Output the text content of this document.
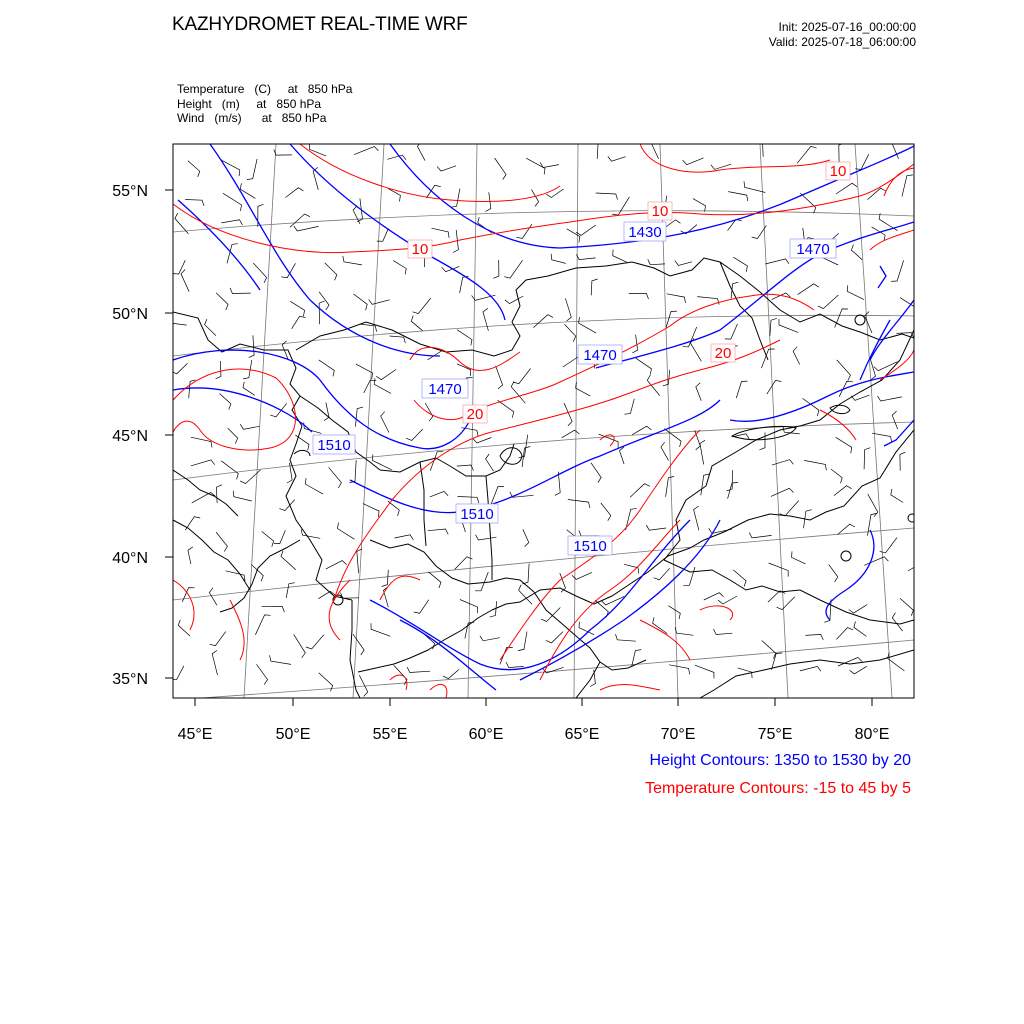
KAZHYDROMET REAL-TIME WRF	Init: 2025-07-16_00:00:00
Valid: 2025-07-18_06:00:00
Temperature (C)     at   850 hPa
Height (m)     at   850 hPa
Wind (m/s)      at   850 hPa
1430
1470
1470
1470
1510
1510
1510
10
10
10
20
20
45°E	50°E	55°E	60°E	65°E	70°E	75°E	80°E
55°N
50°N
45°N
40°N
35°N
Height Contours: 1350 to 1530 by 20
Temperature Contours: -15 to 45 by 5
